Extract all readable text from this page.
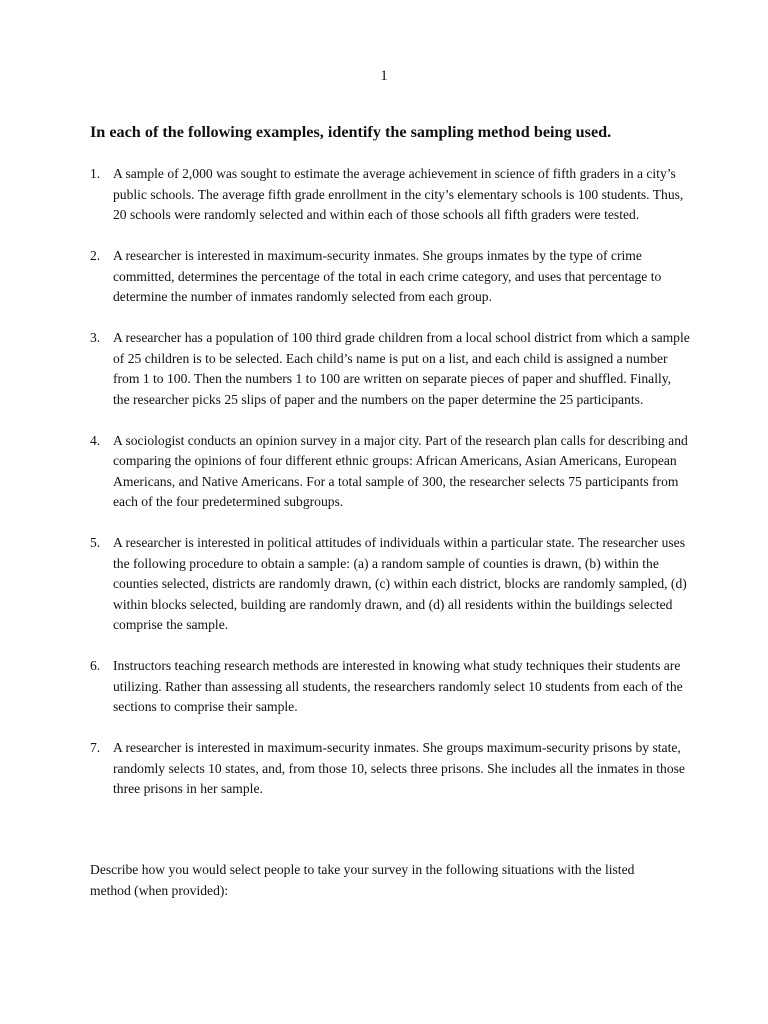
1
In each of the following examples, identify the sampling method being used.
1. A sample of 2,000 was sought to estimate the average achievement in science of fifth graders in a city’s public schools. The average fifth grade enrollment in the city’s elementary schools is 100 students. Thus, 20 schools were randomly selected and within each of those schools all fifth graders were tested.
2. A researcher is interested in maximum-security inmates. She groups inmates by the type of crime committed, determines the percentage of the total in each crime category, and uses that percentage to determine the number of inmates randomly selected from each group.
3. A researcher has a population of 100 third grade children from a local school district from which a sample of 25 children is to be selected. Each child’s name is put on a list, and each child is assigned a number from 1 to 100. Then the numbers 1 to 100 are written on separate pieces of paper and shuffled. Finally, the researcher picks 25 slips of paper and the numbers on the paper determine the 25 participants.
4. A sociologist conducts an opinion survey in a major city. Part of the research plan calls for describing and comparing the opinions of four different ethnic groups: African Americans, Asian Americans, European Americans, and Native Americans. For a total sample of 300, the researcher selects 75 participants from each of the four predetermined subgroups.
5. A researcher is interested in political attitudes of individuals within a particular state. The researcher uses the following procedure to obtain a sample: (a) a random sample of counties is drawn, (b) within the counties selected, districts are randomly drawn, (c) within each district, blocks are randomly sampled, (d) within blocks selected, building are randomly drawn, and (d) all residents within the buildings selected comprise the sample.
6. Instructors teaching research methods are interested in knowing what study techniques their students are utilizing. Rather than assessing all students, the researchers randomly select 10 students from each of the sections to comprise their sample.
7. A researcher is interested in maximum-security inmates. She groups maximum-security prisons by state, randomly selects 10 states, and, from those 10, selects three prisons. She includes all the inmates in those three prisons in her sample.

Describe how you would select people to take your survey in the following situations with the listed method (when provided):
